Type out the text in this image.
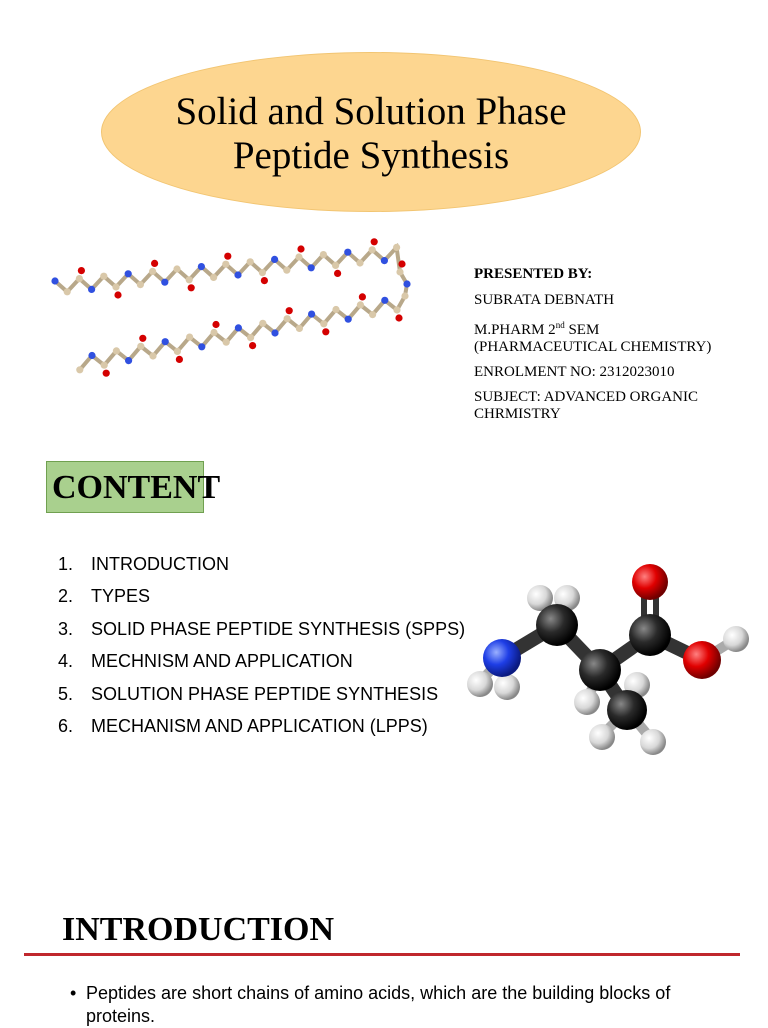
Solid and Solution Phase
Peptide Synthesis
PRESENTED BY:
SUBRATA DEBNATH
M.PHARM 2nd SEM
(PHARMACEUTICAL CHEMISTRY)
ENROLMENT NO: 2312023010
SUBJECT: ADVANCED ORGANIC
CHRMISTRY
CONTENT
1. INTRODUCTION
2. TYPES
3. SOLID PHASE PEPTIDE SYNTHESIS (SPPS)
4. MECHNISM AND APPLICATION
5. SOLUTION PHASE PEPTIDE SYNTHESIS
6. MECHANISM AND APPLICATION (LPPS)
INTRODUCTION
• Peptides are short chains of amino acids, which are the building blocks of proteins.
